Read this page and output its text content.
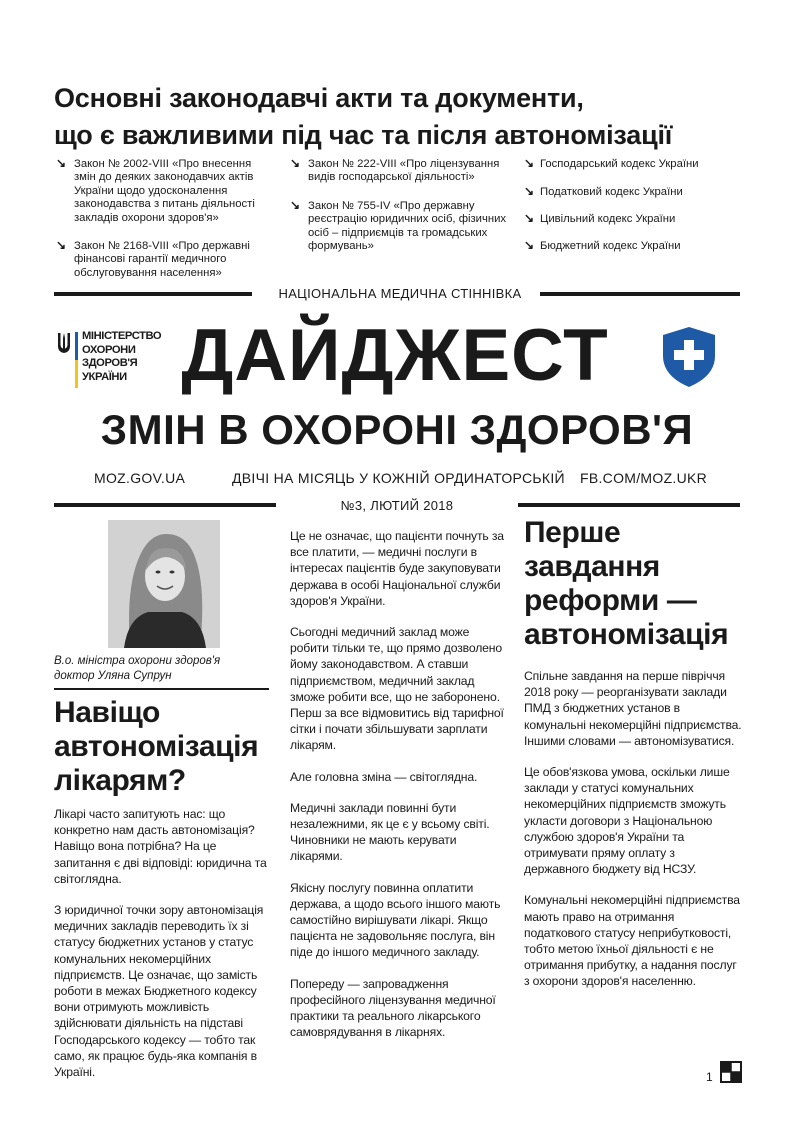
Основні законодавчі акти та документи,
що є важливими під час та після автономізації
↘ Закон № 2002-VIII «Про внесення змін до деяких законодавчих актів України щодо удосконалення законодавства з питань діяльності закладів охорони здоров'я»
↘ Закон № 2168-VIII «Про державні фінансові гарантії медичного обслуговування населення»
↘ Закон № 222-VIII «Про ліцензування видів господарської діяльності»
↘ Закон № 755-IV «Про державну реєстрацію юридичних осіб, фізичних осіб – підприємців та громадських формувань»
↘ Господарський кодекс України
↘ Податковий кодекс України
↘ Цивільний кодекс України
↘ Бюджетний кодекс України
НАЦІОНАЛЬНА МЕДИЧНА СТІННІВКА
МІНІСТЕРСТВО
ОХОРОНИ
ЗДОРОВ'Я
УКРАЇНИ ДАЙДЖЕСТ
ЗМІН В ОХОРОНІ ЗДОРОВ'Я
MOZ.GOV.UA	ДВІЧІ НА МІСЯЦЬ У КОЖНІЙ ОРДИНАТОРСЬКІЙ FB.COM/MOZ.UKR
№3, ЛЮТИЙ 2018
В.о. міністра охорони здоров'я
доктор Уляна Супрун
Навіщо
автономізація
лікарям?

Лікарі часто запитують нас: що конкретно нам дасть автономізація? Навіщо вона потрібна? На це запитання є дві відповіді: юридична та світоглядна.

З юридичної точки зору автономізація медичних закладів переводить їх зі статусу бюджетних установ у статус комунальних некомерційних підприємств. Це означає, що замість роботи в межах Бюджетного кодексу вони отримують можливість здійснювати діяльність на підставі Господарського кодексу — тобто так само, як працює будь-яка компанія в Україні.

Це не означає, що пацієнти почнуть за все платити, — медичні послуги в інтересах пацієнтів буде закуповувати держава в особі Національної служби здоров'я України.

Сьогодні медичний заклад може робити тільки те, що прямо дозволено йому законодавством. А ставши підприємством, медичний заклад зможе робити все, що не заборонено. Перш за все відмовитись від тарифної сітки і почати збільшувати зарплати лікарям.

Але головна зміна — світоглядна.

Медичні заклади повинні бути незалежними, як це є у всьому світі. Чиновники не мають керувати лікарями.

Якісну послугу повинна оплатити держава, а щодо всього іншого мають самостійно вирішувати лікарі. Якщо пацієнта не задовольняє послуга, він піде до іншого медичного закладу.

Попереду — запровадження професійного ліцензування медичної практики та реального лікарського самоврядування в лікарнях.

Перше
завдання
реформи —
автономізація

Спільне завдання на перше півріччя 2018 року — реорганізувати заклади ПМД з бюджетних установ в комунальні некомерційні підприємства. Іншими словами — автономізуватися.

Це обов'язкова умова, оскільки лише заклади у статусі комунальних некомерційних підприємств зможуть укласти договори з Національною службою здоров'я України та отримувати пряму оплату з державного бюджету від НСЗУ.

Комунальні некомерційні підприємства мають право на отримання податкового статусу неприбутковості, тобто метою їхньої діяльності є не отримання прибутку, а надання послуг з охорони здоров'я населенню.

1
